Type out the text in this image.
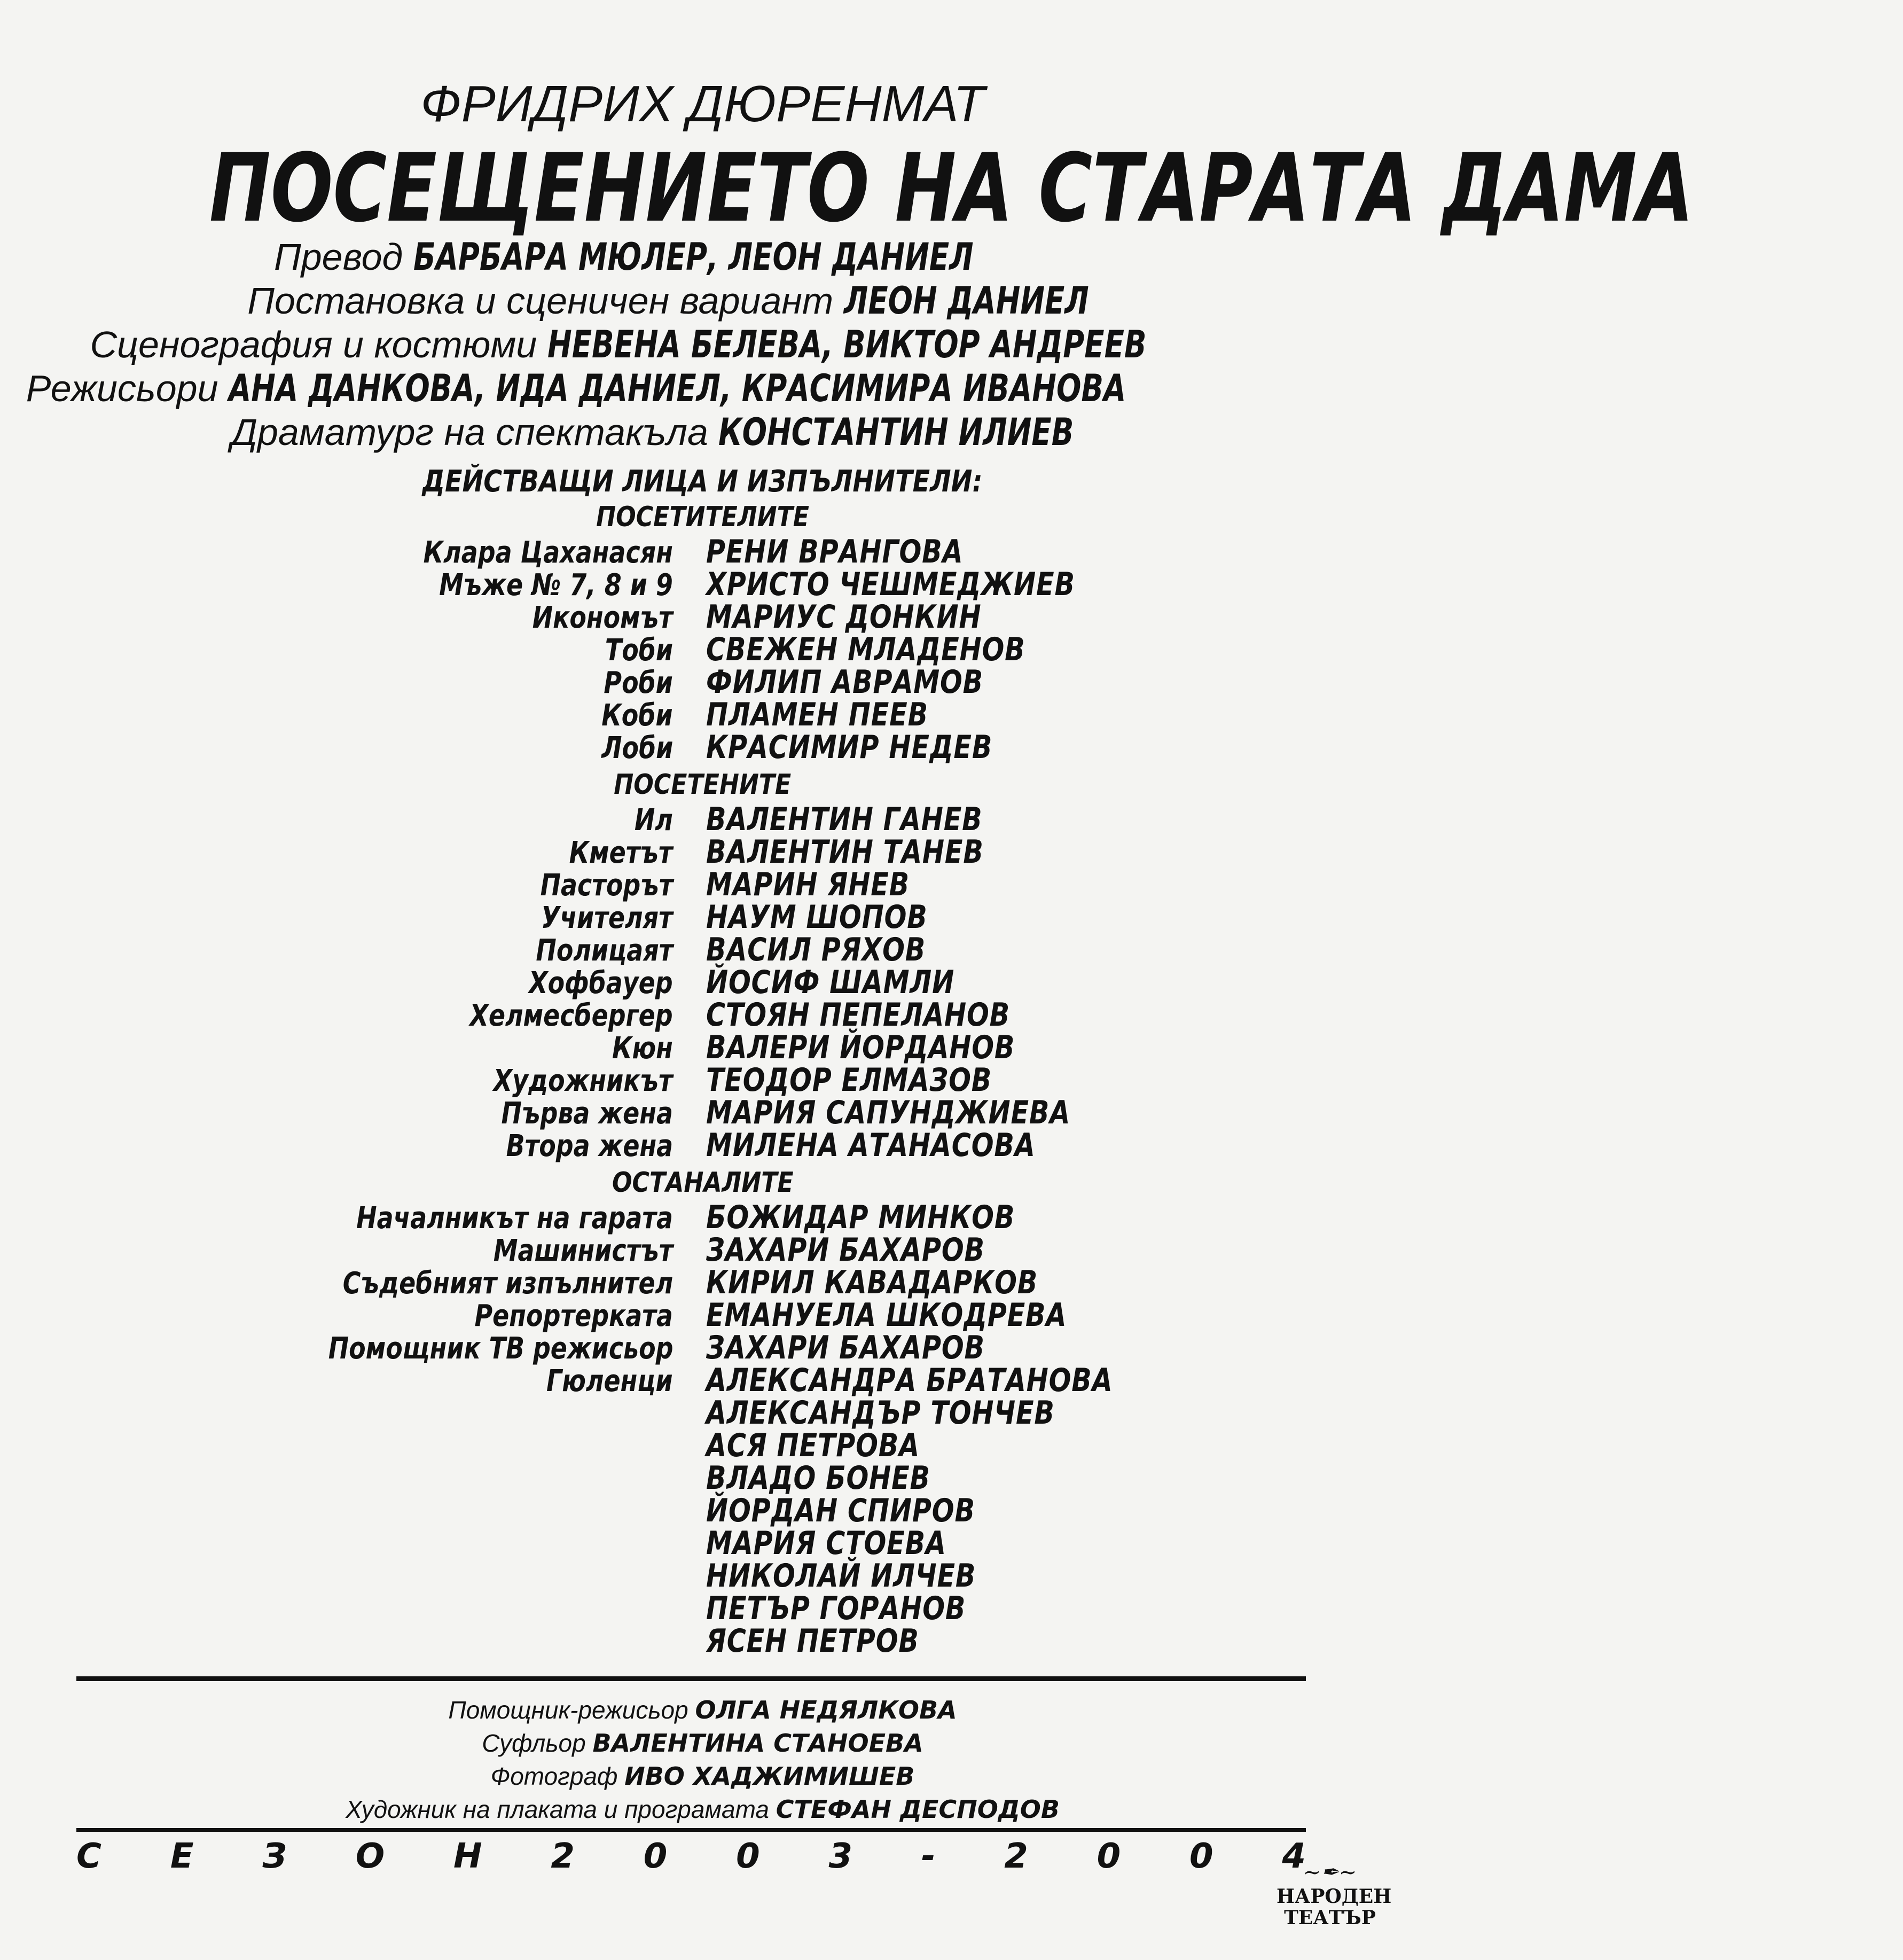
ФРИДРИХ ДЮРЕНМАТ
ПОСЕЩЕНИЕТО НА СТАРАТА ДАМА
Превод БАРБАРА МЮЛЕР, ЛЕОН ДАНИЕЛ
Постановка и сценичен вариант ЛЕОН ДАНИЕЛ
Сценография и костюми НЕВЕНА БЕЛЕВА, ВИКТОР АНДРЕЕВ
Режисьори АНА ДАНКОВА, ИДА ДАНИЕЛ, КРАСИМИРА ИВАНОВА
Драматург на спектакъла КОНСТАНТИН ИЛИЕВ
ДЕЙСТВАЩИ ЛИЦА И ИЗПЪЛНИТЕЛИ:
ПОСЕТИТЕЛИТЕ
Клара Цаханасян РЕНИ ВРАНГОВА
Мъже № 7, 8 и 9 ХРИСТО ЧЕШМЕДЖИЕВ
Икономът МАРИУС ДОНКИН
Тоби СВЕЖЕН МЛАДЕНОВ
Роби ФИЛИП АВРАМОВ
Коби ПЛАМЕН ПЕЕВ
Лоби КРАСИМИР НЕДЕВ
ПОСЕТЕНИТЕ
Ил ВАЛЕНТИН ГАНЕВ
Кметът ВАЛЕНТИН ТАНЕВ
Пасторът МАРИН ЯНЕВ
Учителят НАУМ ШОПОВ
Полицаят ВАСИЛ РЯХОВ
Хофбауер ЙОСИФ ШАМЛИ
Хелмесбергер СТОЯН ПЕПЕЛАНОВ
Кюн ВАЛЕРИ ЙОРДАНОВ
Художникът ТЕОДОР ЕЛМАЗОВ
Първа жена МАРИЯ САПУНДЖИЕВА
Втора жена МИЛЕНА АТАНАСОВА
ОСТАНАЛИТЕ
Началникът на гарата БОЖИДАР МИНКОВ
Машинистът ЗАХАРИ БАХАРОВ
Съдебният изпълнител КИРИЛ КАВАДАРКОВ
Репортерката ЕМАНУЕЛА ШКОДРЕВА
Помощник ТВ режисьор ЗАХАРИ БАХАРОВ
Гюленци АЛЕКСАНДРА БРАТАНОВА
АЛЕКСАНДЪР ТОНЧЕВ
АСЯ ПЕТРОВА
ВЛАДО БОНЕВ
ЙОРДАН СПИРОВ
МАРИЯ СТОЕВА
НИКОЛАЙ ИЛЧЕВ
ПЕТЪР ГОРАНОВ
ЯСЕН ПЕТРОВ
Помощник-режисьор ОЛГА НЕДЯЛКОВА
Суфльор ВАЛЕНТИНА СТАНОЕВА
Фотограф ИВО ХАДЖИМИШЕВ
Художник на плаката и програмата СТЕФАН ДЕСПОДОВ
С Е З О Н 2 0 0 3 - 2 0 0 4
~✒~
НАРОДЕН
ТЕАТЪР
